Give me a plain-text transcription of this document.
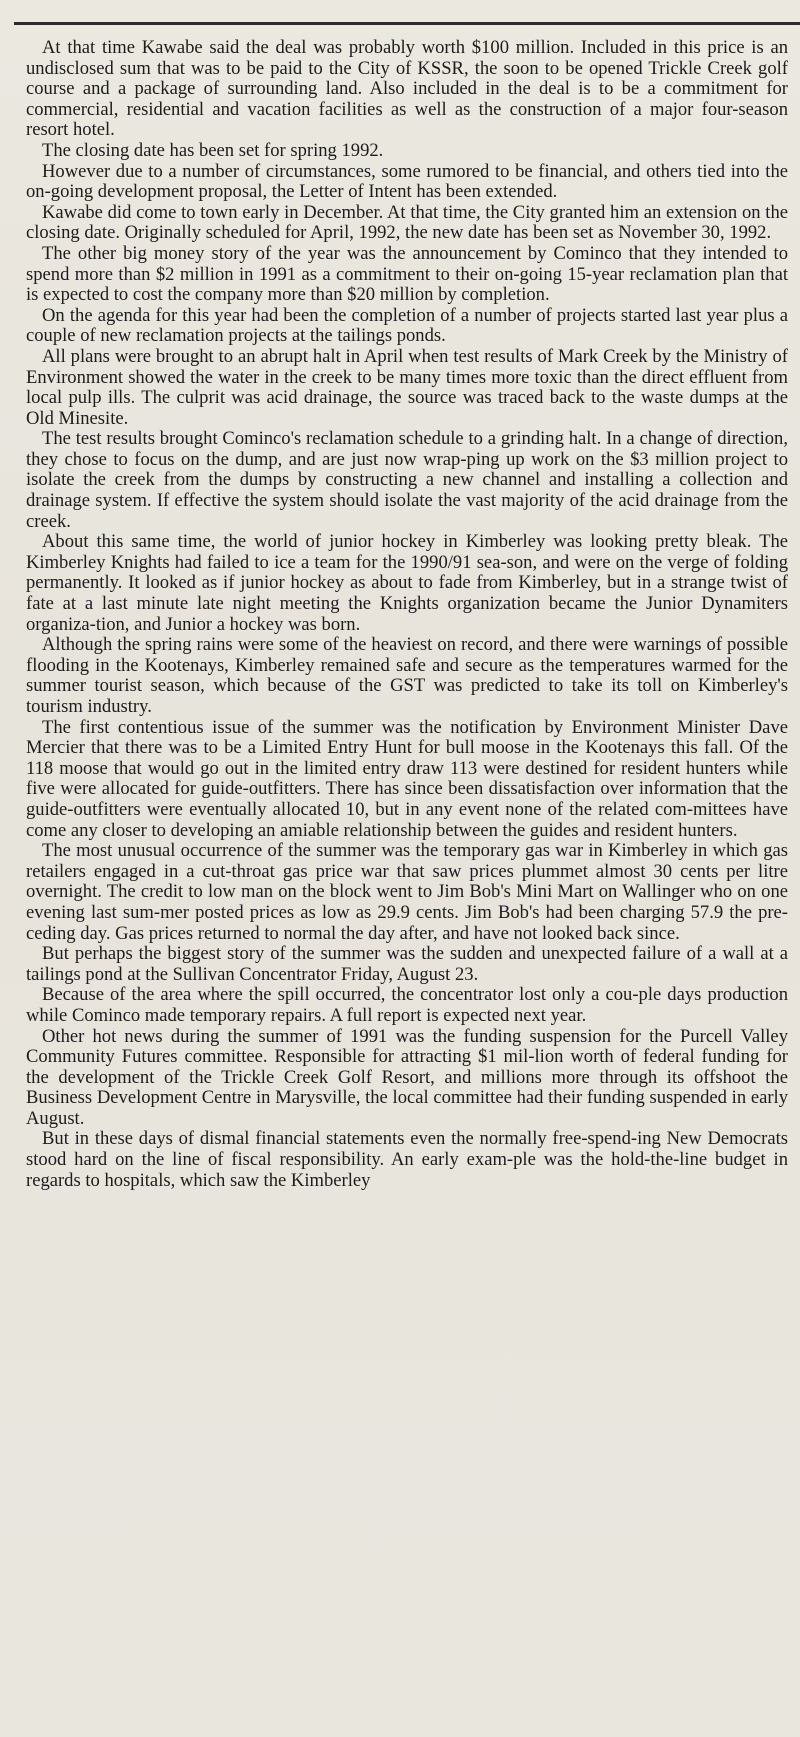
At that time Kawabe said the deal was probably worth $100 million. Included in this price is an undisclosed sum that was to be paid to the City of KSSR, the soon to be opened Trickle Creek golf course and a package of surrounding land. Also included in the deal is to be a commitment for commercial, residential and vacation facilities as well as the construction of a major four-season resort hotel.

The closing date has been set for spring 1992.

However due to a number of circumstances, some rumored to be financial, and others tied into the on-going development proposal, the Letter of Intent has been extended.

Kawabe did come to town early in December. At that time, the City granted him an extension on the closing date. Originally scheduled for April, 1992, the new date has been set as November 30, 1992.

The other big money story of the year was the announcement by Cominco that they intended to spend more than $2 million in 1991 as a commitment to their on-going 15-year reclamation plan that is expected to cost the company more than $20 million by completion.

On the agenda for this year had been the completion of a number of projects started last year plus a couple of new reclamation projects at the tailings ponds.

All plans were brought to an abrupt halt in April when test results of Mark Creek by the Ministry of Environment showed the water in the creek to be many times more toxic than the direct effluent from local pulp ills. The culprit was acid drainage, the source was traced back to the waste dumps at the Old Minesite.

The test results brought Cominco's reclamation schedule to a grinding halt. In a change of direction, they chose to focus on the dump, and are just now wrap-ping up work on the $3 million project to isolate the creek from the dumps by constructing a new channel and installing a collection and drainage system. If effective the system should isolate the vast majority of the acid drainage from the creek.

About this same time, the world of junior hockey in Kimberley was looking pretty bleak. The Kimberley Knights had failed to ice a team for the 1990/91 sea-son, and were on the verge of folding permanently. It looked as if junior hockey as about to fade from Kimberley, but in a strange twist of fate at a last minute late night meeting the Knights organization became the Junior Dynamiters organiza-tion, and Junior a hockey was born.

Although the spring rains were some of the heaviest on record, and there were warnings of possible flooding in the Kootenays, Kimberley remained safe and secure as the temperatures warmed for the summer tourist season, which because of the GST was predicted to take its toll on Kimberley's tourism industry.

The first contentious issue of the summer was the notification by Environment Minister Dave Mercier that there was to be a Limited Entry Hunt for bull moose in the Kootenays this fall. Of the 118 moose that would go out in the limited entry draw 113 were destined for resident hunters while five were allocated for guide-outfitters. There has since been dissatisfaction over information that the guide-outfitters were eventually allocated 10, but in any event none of the related com-mittees have come any closer to developing an amiable relationship between the guides and resident hunters.

The most unusual occurrence of the summer was the temporary gas war in Kimberley in which gas retailers engaged in a cut-throat gas price war that saw prices plummet almost 30 cents per litre overnight. The credit to low man on the block went to Jim Bob's Mini Mart on Wallinger who on one evening last sum-mer posted prices as low as 29.9 cents. Jim Bob's had been charging 57.9 the pre-ceding day. Gas prices returned to normal the day after, and have not looked back since.

But perhaps the biggest story of the summer was the sudden and unexpected failure of a wall at a tailings pond at the Sullivan Concentrator Friday, August 23.

Because of the area where the spill occurred, the concentrator lost only a cou-ple days production while Cominco made temporary repairs. A full report is expected next year.

Other hot news during the summer of 1991 was the funding suspension for the Purcell Valley Community Futures committee. Responsible for attracting $1 mil-lion worth of federal funding for the development of the Trickle Creek Golf Resort, and millions more through its offshoot the Business Development Centre in Marysville, the local committee had their funding suspended in early August.

But in these days of dismal financial statements even the normally free-spend-ing New Democrats stood hard on the line of fiscal responsibility. An early exam-ple was the hold-the-line budget in regards to hospitals, which saw the Kimberley
